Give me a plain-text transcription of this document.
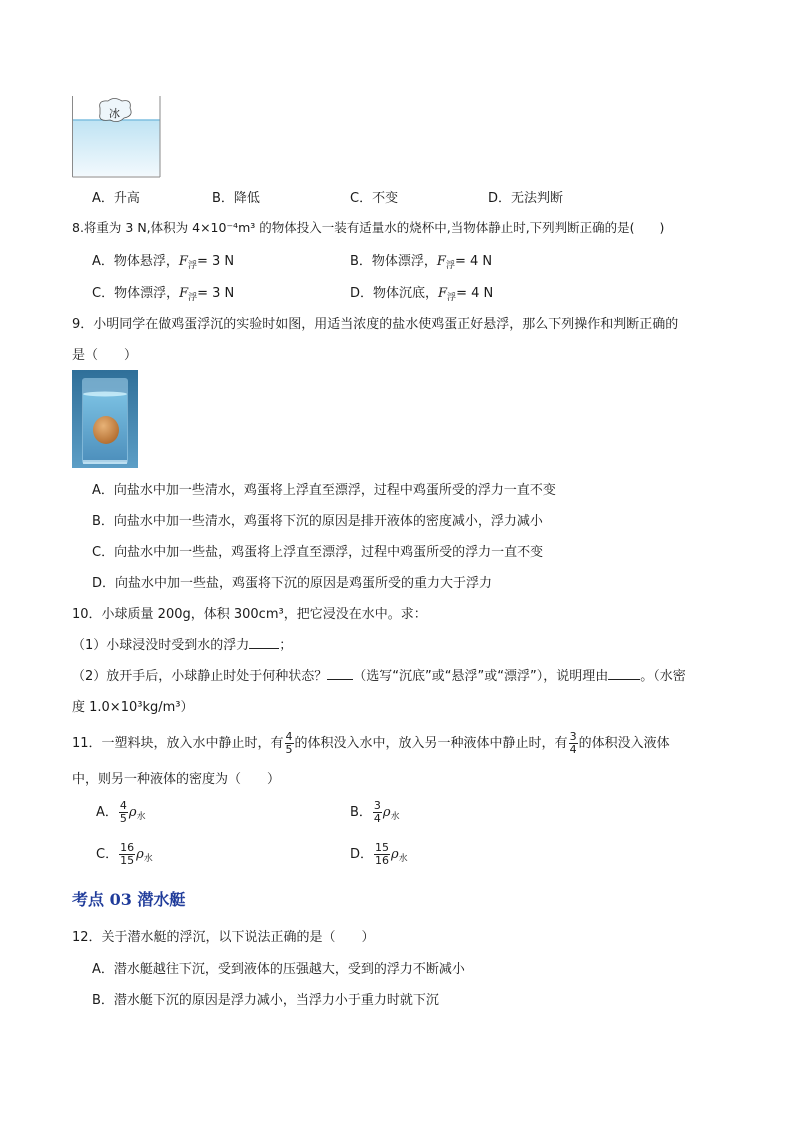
冰
A．升高	B．降低	C．不变	D．无法判断
8.将重为 3 N,体积为 4×10⁻⁴m³ 的物体投入一装有适量水的烧杯中,当物体静止时,下列判断正确的是(　　)
A．物体悬浮，$F_浮= 3$ N	B．物体漂浮，$F_浮= 4$ N
C．物体漂浮，$F_浮= 3$ N	D．物体沉底，$F_浮= 4$ N
9．小明同学在做鸡蛋浮沉的实验时如图，用适当浓度的盐水使鸡蛋正好悬浮，那么下列操作和判断正确的
是（　　）
A．向盐水中加一些清水，鸡蛋将上浮直至漂浮，过程中鸡蛋所受的浮力一直不变
B．向盐水中加一些清水，鸡蛋将下沉的原因是排开液体的密度减小，浮力减小
C．向盐水中加一些盐，鸡蛋将上浮直至漂浮，过程中鸡蛋所受的浮力一直不变
D．向盐水中加一些盐，鸡蛋将下沉的原因是鸡蛋所受的重力大于浮力
10．小球质量 200g，体积 300cm³，把它浸没在水中。求：
（1）小球浸没时受到水的浮力 ；
（2）放开手后，小球静止时处于何种状态？ （选写“沉底”或“悬浮”或“漂浮”），说明理由 。（水密
度 1.0×10³kg/m³）
11．一塑料块，放入水中静止时，有 $\frac{4}{5}$ 的体积没入水中，放入另一种液体中静止时，有 $\frac{3}{4}$ 的体积没入液体
中，则另一种液体的密度为（　　）
A． $\frac{4}{5} \rho_水$	B． $\frac{3}{4} \rho_水$
C． $\frac{16}{15} \rho_水$	D． $\frac{15}{16} \rho_水$
考点 03 潜水艇
12．关于潜水艇的浮沉，以下说法正确的是（　　）
A．潜水艇越往下沉，受到液体的压强越大，受到的浮力不断减小
B．潜水艇下沉的原因是浮力减小，当浮力小于重力时就下沉
